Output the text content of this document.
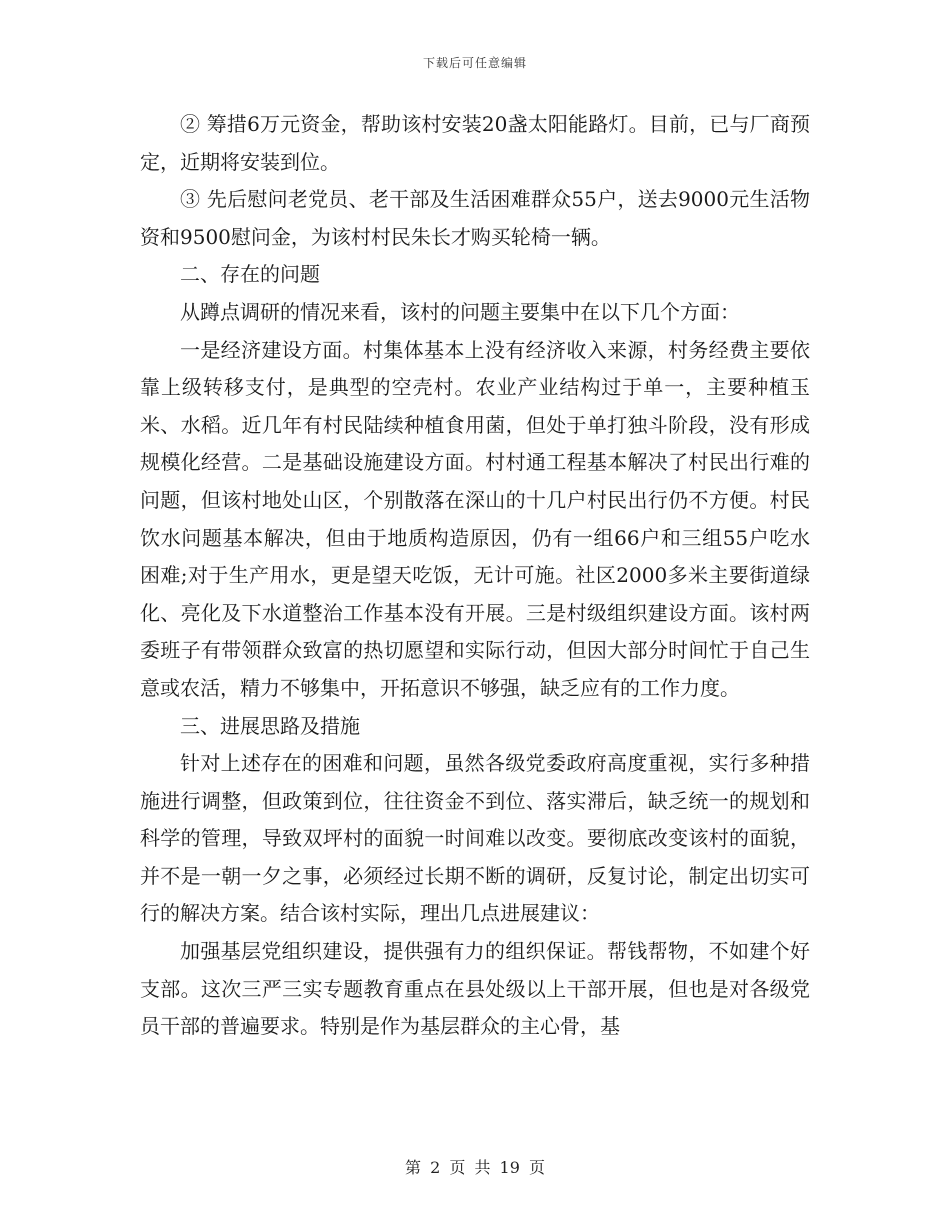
下载后可任意编辑

② 筹措6万元资金，帮助该村安装20盏太阳能路灯。目前，已与厂商预定，近期将安装到位。

③ 先后慰问老党员、老干部及生活困难群众55户，送去9000元生活物资和9500慰问金，为该村村民朱长才购买轮椅一辆。

二、存在的问题

从蹲点调研的情况来看，该村的问题主要集中在以下几个方面：

一是经济建设方面。村集体基本上没有经济收入来源，村务经费主要依靠上级转移支付，是典型的空壳村。农业产业结构过于单一，主要种植玉米、水稻。近几年有村民陆续种植食用菌，但处于单打独斗阶段，没有形成规模化经营。二是基础设施建设方面。村村通工程基本解决了村民出行难的问题，但该村地处山区，个别散落在深山的十几户村民出行仍不方便。村民饮水问题基本解决，但由于地质构造原因，仍有一组66户和三组55户吃水困难;对于生产用水，更是望天吃饭，无计可施。社区2000多米主要街道绿化、亮化及下水道整治工作基本没有开展。三是村级组织建设方面。该村两委班子有带领群众致富的热切愿望和实际行动，但因大部分时间忙于自己生意或农活，精力不够集中，开拓意识不够强，缺乏应有的工作力度。

三、进展思路及措施

针对上述存在的困难和问题，虽然各级党委政府高度重视，实行多种措施进行调整，但政策到位，往往资金不到位、落实滞后，缺乏统一的规划和科学的管理，导致双坪村的面貌一时间难以改变。要彻底改变该村的面貌，并不是一朝一夕之事，必须经过长期不断的调研，反复讨论，制定出切实可行的解决方案。结合该村实际，理出几点进展建议：

加强基层党组织建设，提供强有力的组织保证。帮钱帮物，不如建个好支部。这次三严三实专题教育重点在县处级以上干部开展，但也是对各级党员干部的普遍要求。特别是作为基层群众的主心骨，基

第 2 页 共 19 页
